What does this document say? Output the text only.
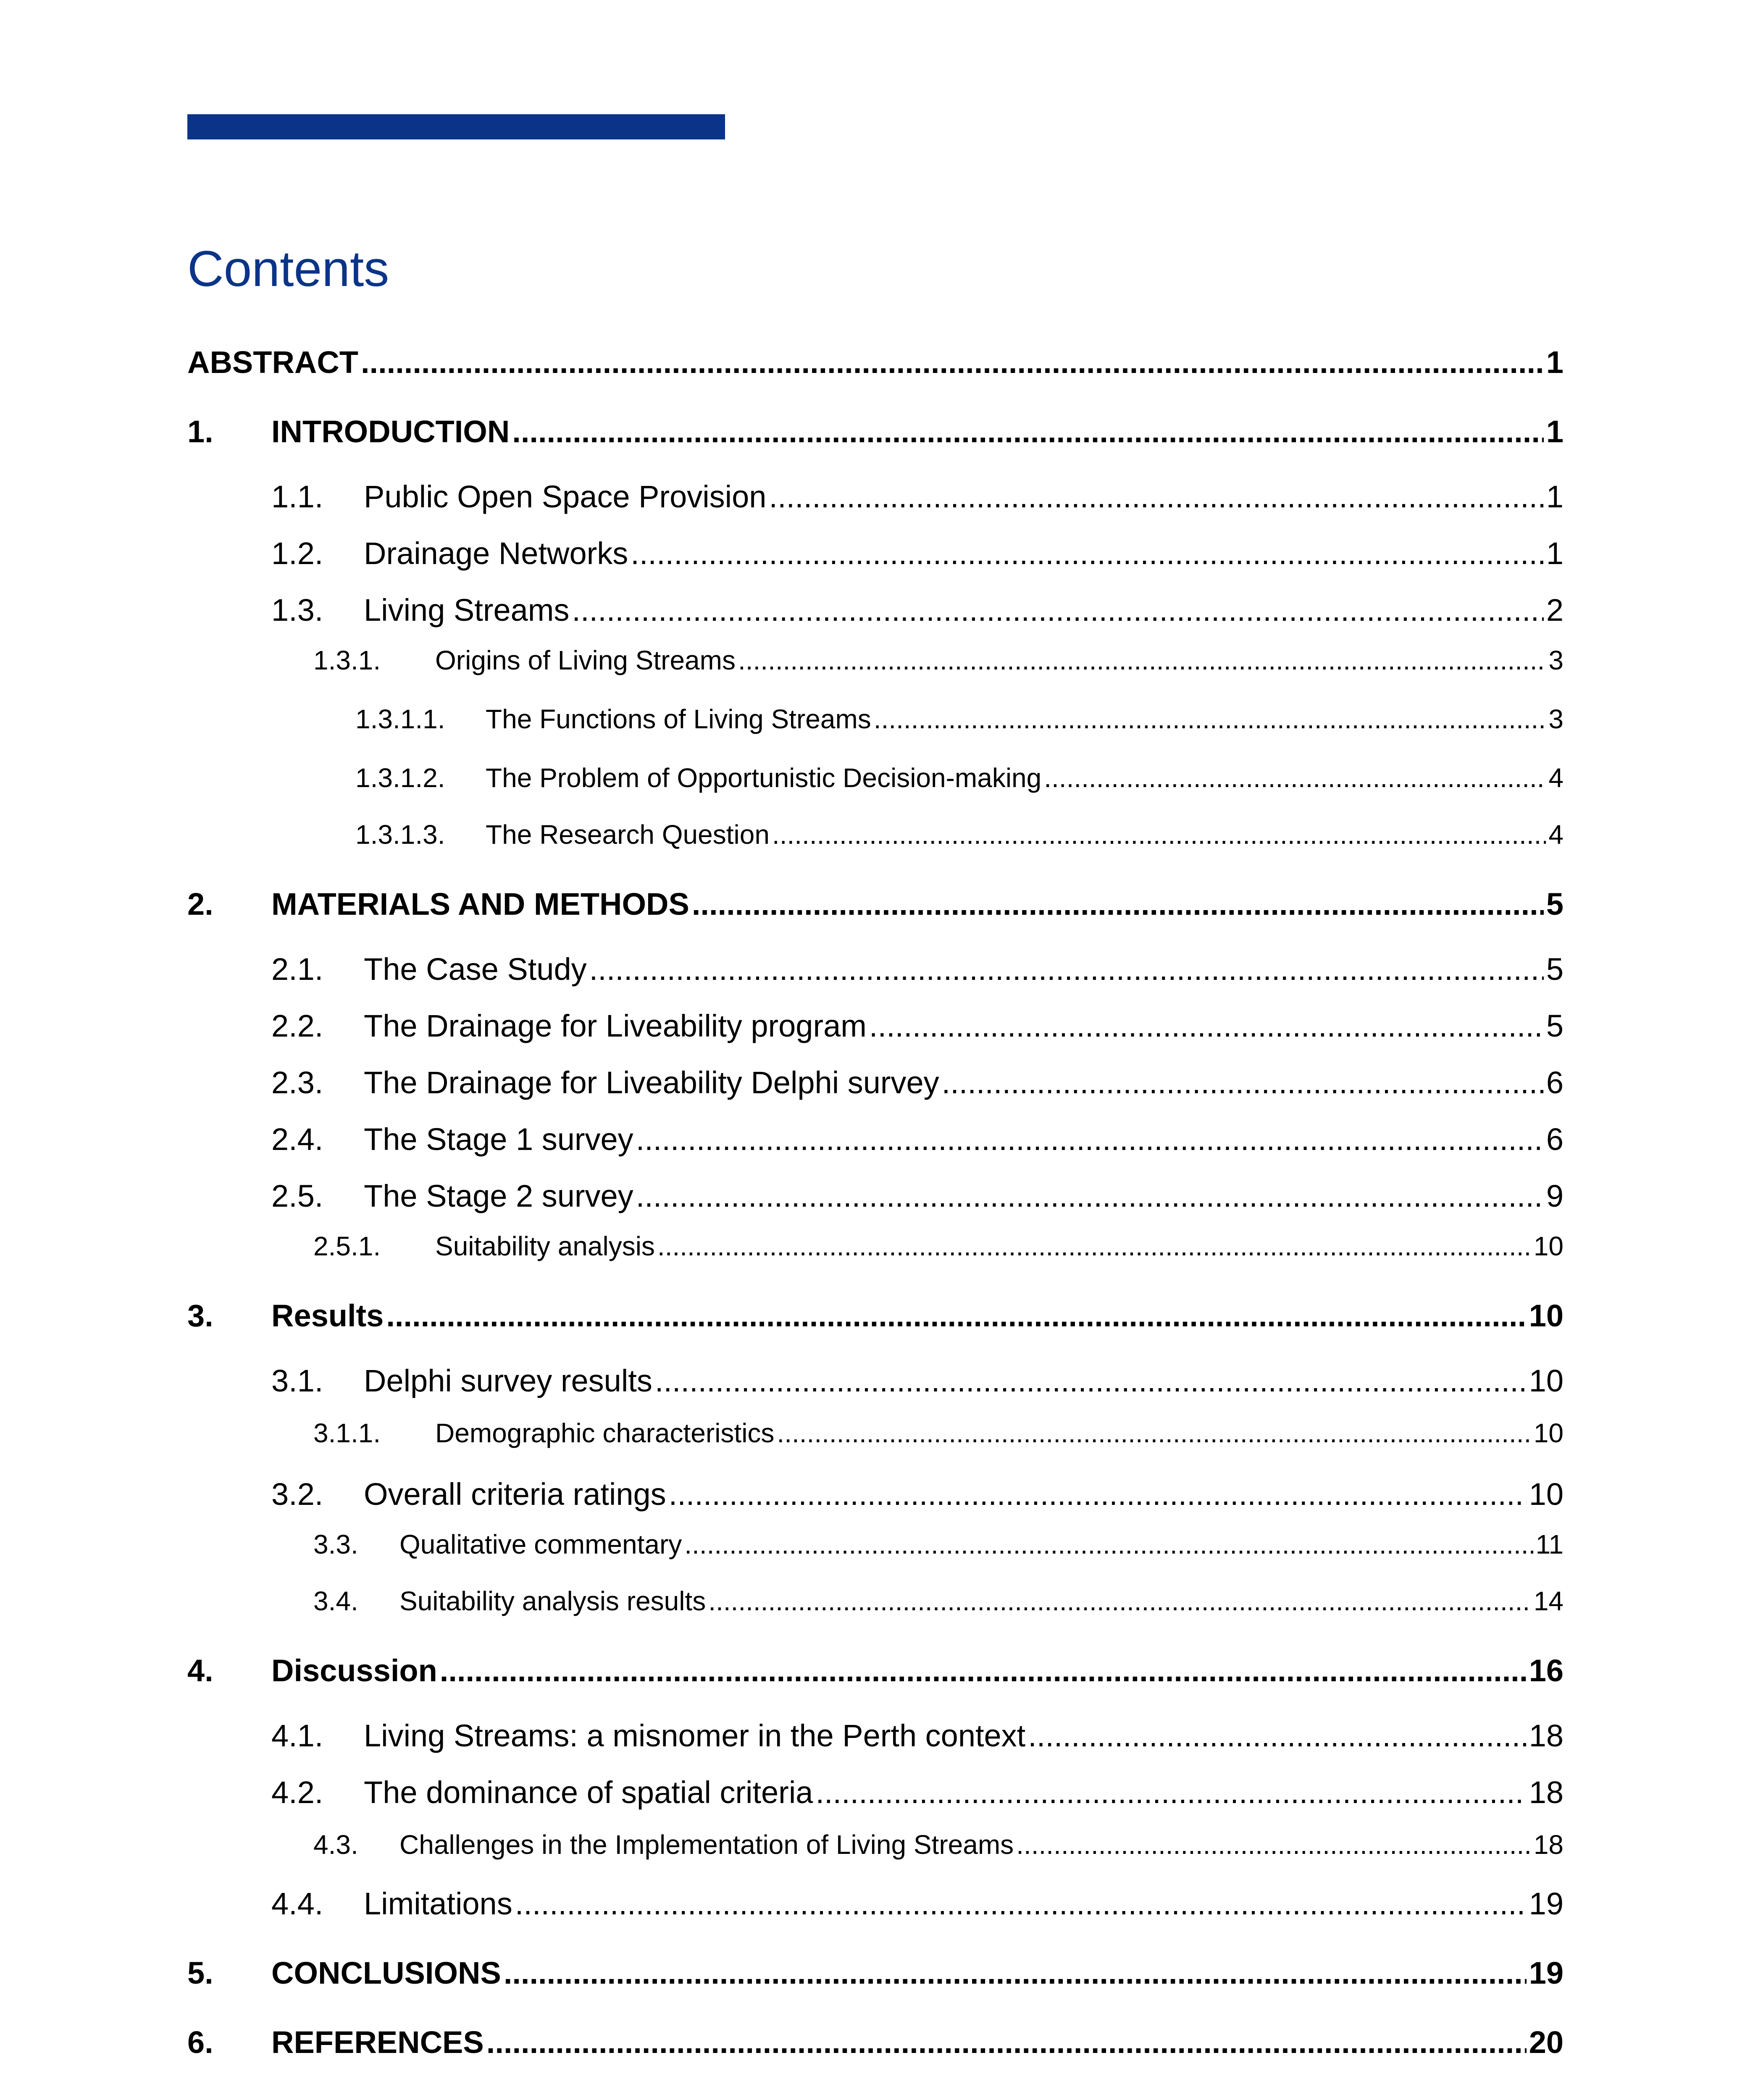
Contents
ABSTRACT .....	1
1.	INTRODUCTION .....	1
1.1.	Public Open Space Provision .....	1
1.2.	Drainage Networks .....	1
1.3.	Living Streams .....	2
1.3.1.	Origins of Living Streams .....	3
1.3.1.1.	The Functions of Living Streams .....	3
1.3.1.2.	The Problem of Opportunistic Decision-making .....	4
1.3.1.3.	The Research Question .....	4
2.	MATERIALS AND METHODS .....	5
2.1.	The Case Study .....	5
2.2.	The Drainage for Liveability program .....	5
2.3.	The Drainage for Liveability Delphi survey .....	6
2.4.	The Stage 1 survey .....	6
2.5.	The Stage 2 survey .....	9
2.5.1.	Suitability analysis .....	10
3.	Results .....	10
3.1.	Delphi survey results .....	10
3.1.1.	Demographic characteristics .....	10
3.2.	Overall criteria ratings .....	10
3.3.	Qualitative commentary .....	11
3.4.	Suitability analysis results .....	14
4.	Discussion .....	16
4.1.	Living Streams: a misnomer in the Perth context .....	18
4.2.	The dominance of spatial criteria .....	18
4.3.	Challenges in the Implementation of Living Streams .....	18
4.4.	Limitations .....	19
5.	CONCLUSIONS .....	19
6.	REFERENCES .....	20
